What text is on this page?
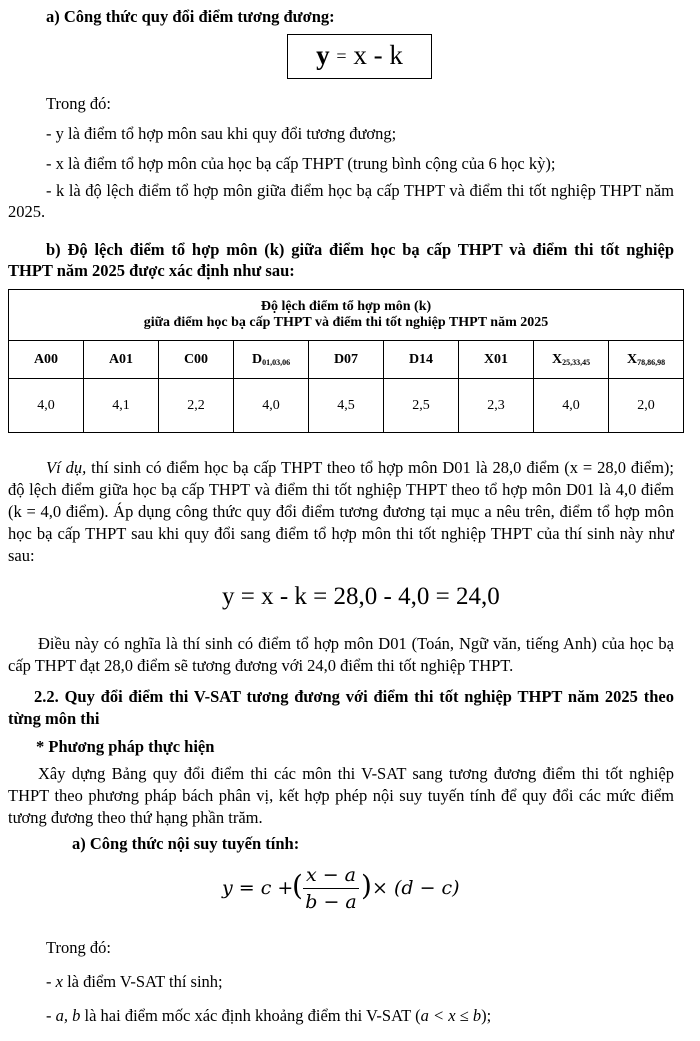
a) Công thức quy đổi điểm tương đương:
y = x - k
Trong đó:
- y là điểm tổ hợp môn sau khi quy đổi tương đương;
- x là điểm tổ hợp môn của học bạ cấp THPT (trung bình cộng của 6 học kỳ);
- k là độ lệch điểm tổ hợp môn giữa điểm học bạ cấp THPT và điểm thi tốt nghiệp THPT năm 2025.
b) Độ lệch điểm tổ hợp môn (k) giữa điểm học bạ cấp THPT và điểm thi tốt nghiệp THPT năm 2025 được xác định như sau:
Độ lệch điểm tổ hợp môn (k)
giữa điểm học bạ cấp THPT và điểm thi tốt nghiệp THPT năm 2025								

A00	A01	C00	$D_{01,03,06}$	D07	D14	X01	$X_{25,33,45}$	$X_{78,86,98}$
4,0	4,1	2,2	4,0	4,5	2,5	2,3	4,0	2,0
Ví dụ, thí sinh có điểm học bạ cấp THPT theo tổ hợp môn D01 là 28,0 điểm (x = 28,0 điểm); độ lệch điểm giữa học bạ cấp THPT và điểm thi tốt nghiệp THPT theo tổ hợp môn D01 là 4,0 điểm (k = 4,0 điểm). Áp dụng công thức quy đổi điểm tương đương tại mục a nêu trên, điểm tổ hợp môn học bạ cấp THPT sau khi quy đổi sang điểm tổ hợp môn thi tốt nghiệp THPT của thí sinh này như sau:
y = x - k = 28,0 - 4,0 = 24,0
Điều này có nghĩa là thí sinh có điểm tổ hợp môn D01 (Toán, Ngữ văn, tiếng Anh) của học bạ cấp THPT đạt 28,0 điểm sẽ tương đương với 24,0 điểm thi tốt nghiệp THPT.
2.2. Quy đổi điểm thi V-SAT tương đương với điểm thi tốt nghiệp THPT năm 2025 theo từng môn thi
* Phương pháp thực hiện
Xây dựng Bảng quy đổi điểm thi các môn thi V-SAT sang tương đương điểm thi tốt nghiệp THPT theo phương pháp bách phân vị, kết hợp phép nội suy tuyến tính để quy đổi các mức điểm tương đương theo thứ hạng phần trăm.
a) Công thức nội suy tuyến tính:
y = c +
( x − a
b − a ) × (d − c)
Trong đó:
- x là điểm V-SAT thí sinh;
- a, b là hai điểm mốc xác định khoảng điểm thi V-SAT (a < x ≤ b);
